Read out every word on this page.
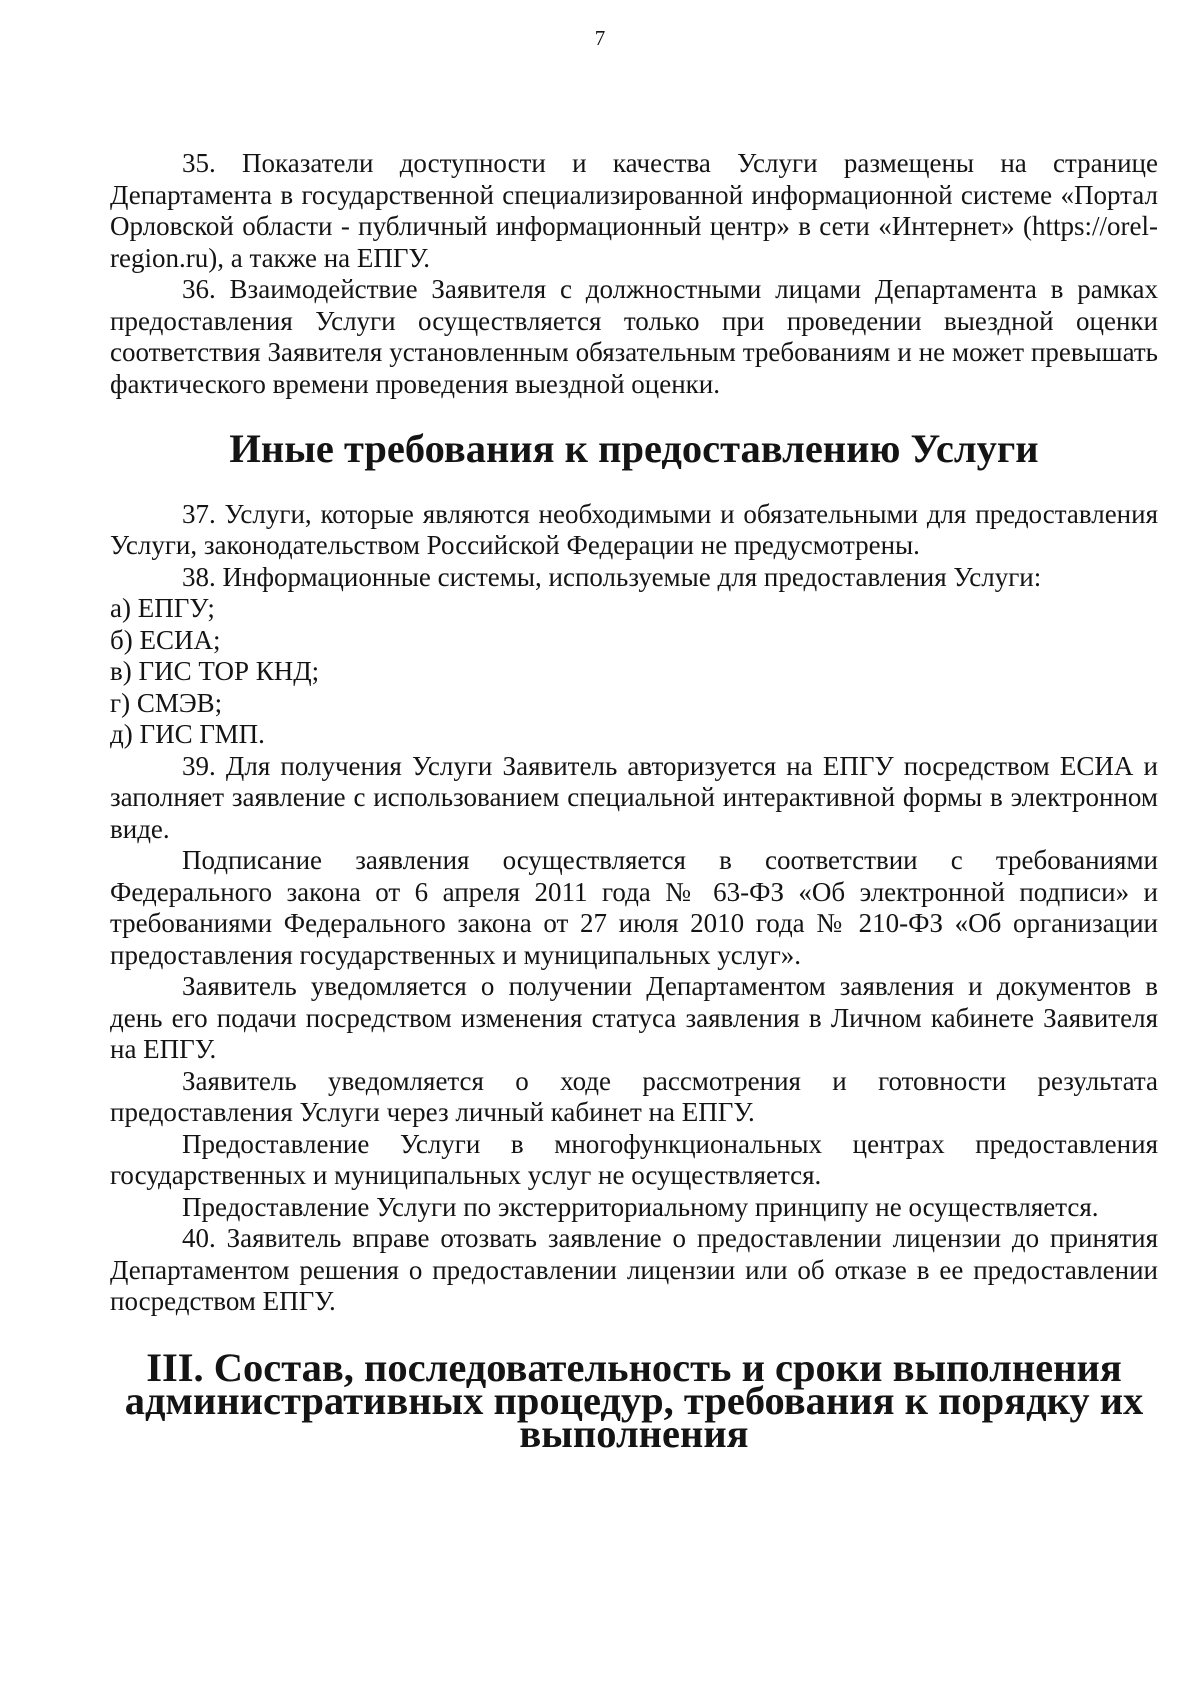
7

35. Показатели доступности и качества Услуги размещены на странице Департамента в государственной специализированной информационной системе «Портал Орловской области - публичный информационный центр» в сети «Интернет» (https://orel-region.ru), а также на ЕПГУ.

36. Взаимодействие Заявителя с должностными лицами Департамента в рамках предоставления Услуги осуществляется только при проведении выездной оценки соответствия Заявителя установленным обязательным требованиям и не может превышать фактического времени проведения выездной оценки.

Иные требования к предоставлению Услуги

37. Услуги, которые являются необходимыми и обязательными для предоставления Услуги, законодательством Российской Федерации не предусмотрены.

38. Информационные системы, используемые для предоставления Услуги:

а) ЕПГУ;

б) ЕСИА;

в) ГИС ТОР КНД;

г) СМЭВ;

д) ГИС ГМП.

39. Для получения Услуги Заявитель авторизуется на ЕПГУ посредством ЕСИА и заполняет заявление с использованием специальной интерактивной формы в электронном виде.

Подписание заявления осуществляется в соответствии с требованиями Федерального закона от 6 апреля 2011 года № 63-ФЗ «Об электронной подписи» и требованиями Федерального закона от 27 июля 2010 года № 210-ФЗ «Об организации предоставления государственных и муниципальных услуг».

Заявитель уведомляется о получении Департаментом заявления и документов в день его подачи посредством изменения статуса заявления в Личном кабинете Заявителя на ЕПГУ.

Заявитель уведомляется о ходе рассмотрения и готовности результата предоставления Услуги через личный кабинет на ЕПГУ.

Предоставление Услуги в многофункциональных центрах предоставления государственных и муниципальных услуг не осуществляется.

Предоставление Услуги по экстерриториальному принципу не осуществляется.

40. Заявитель вправе отозвать заявление о предоставлении лицензии до принятия Департаментом решения о предоставлении лицензии или об отказе в ее предоставлении посредством ЕПГУ.

III. Состав, последовательность и сроки выполнения
административных процедур, требования к порядку их выполнения
